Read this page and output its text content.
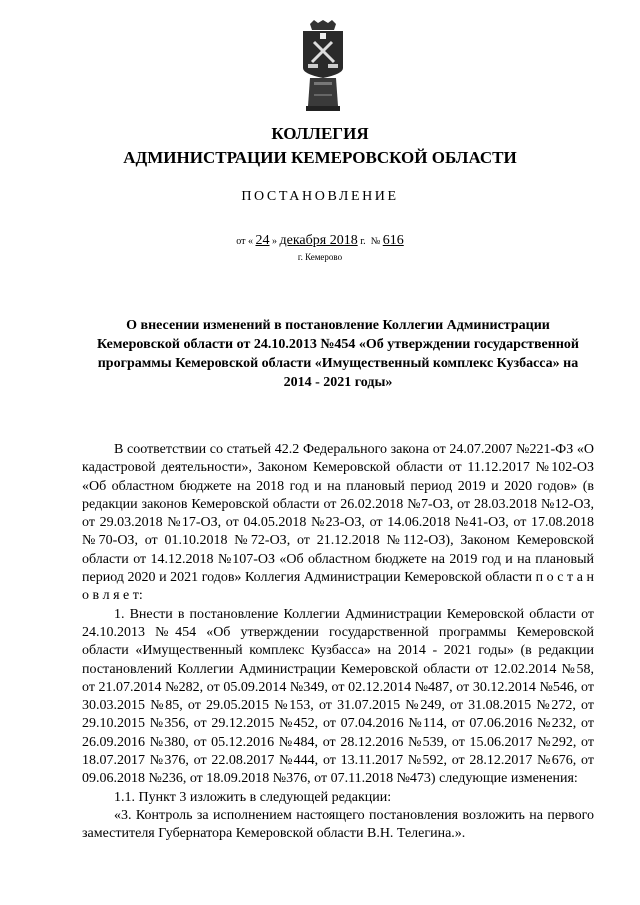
КОЛЛЕГИЯ
АДМИНИСТРАЦИИ КЕМЕРОВСКОЙ ОБЛАСТИ
ПОСТАНОВЛЕНИЕ
от « 24 » декабря 2018 г. № 616
г. Кемерово
О внесении изменений в постановление Коллегии Администрации Кемеровской области от 24.10.2013 №454 «Об утверждении государственной программы Кемеровской области «Имущественный комплекс Кузбасса» на 2014 - 2021 годы»

В соответствии со статьей 42.2 Федерального закона от 24.07.2007 №221-ФЗ «О кадастровой деятельности», Законом Кемеровской области от 11.12.2017 №102-ОЗ «Об областном бюджете на 2018 год и на плановый период 2019 и 2020 годов» (в редакции законов Кемеровской области от 26.02.2018 №7-ОЗ, от 28.03.2018 №12-ОЗ, от 29.03.2018 №17-ОЗ, от 04.05.2018 №23-ОЗ, от 14.06.2018 №41-ОЗ, от 17.08.2018 №70-ОЗ, от 01.10.2018 №72-ОЗ, от 21.12.2018 №112-ОЗ), Законом Кемеровской области от 14.12.2018 №107-ОЗ «Об областном бюджете на 2019 год и на плановый период 2020 и 2021 годов» Коллегия Администрации Кемеровской области п о с т а н о в л я е т:

1. Внести в постановление Коллегии Администрации Кемеровской области от 24.10.2013 №454 «Об утверждении государственной программы Кемеровской области «Имущественный комплекс Кузбасса» на 2014 - 2021 годы» (в редакции постановлений Коллегии Администрации Кемеровской области от 12.02.2014 №58, от 21.07.2014 №282, от 05.09.2014 №349, от 02.12.2014 №487, от 30.12.2014 №546, от 30.03.2015 №85, от 29.05.2015 №153, от 31.07.2015 №249, от 31.08.2015 №272, от 29.10.2015 №356, от 29.12.2015 №452, от 07.04.2016 №114, от 07.06.2016 №232, от 26.09.2016 №380, от 05.12.2016 №484, от 28.12.2016 №539, от 15.06.2017 №292, от 18.07.2017 №376, от 22.08.2017 №444, от 13.11.2017 №592, от 28.12.2017 №676, от 09.06.2018 №236, от 18.09.2018 №376, от 07.11.2018 №473) следующие изменения:

1.1. Пункт 3 изложить в следующей редакции:

«3. Контроль за исполнением настоящего постановления возложить на первого заместителя Губернатора Кемеровской области В.Н. Телегина.».
